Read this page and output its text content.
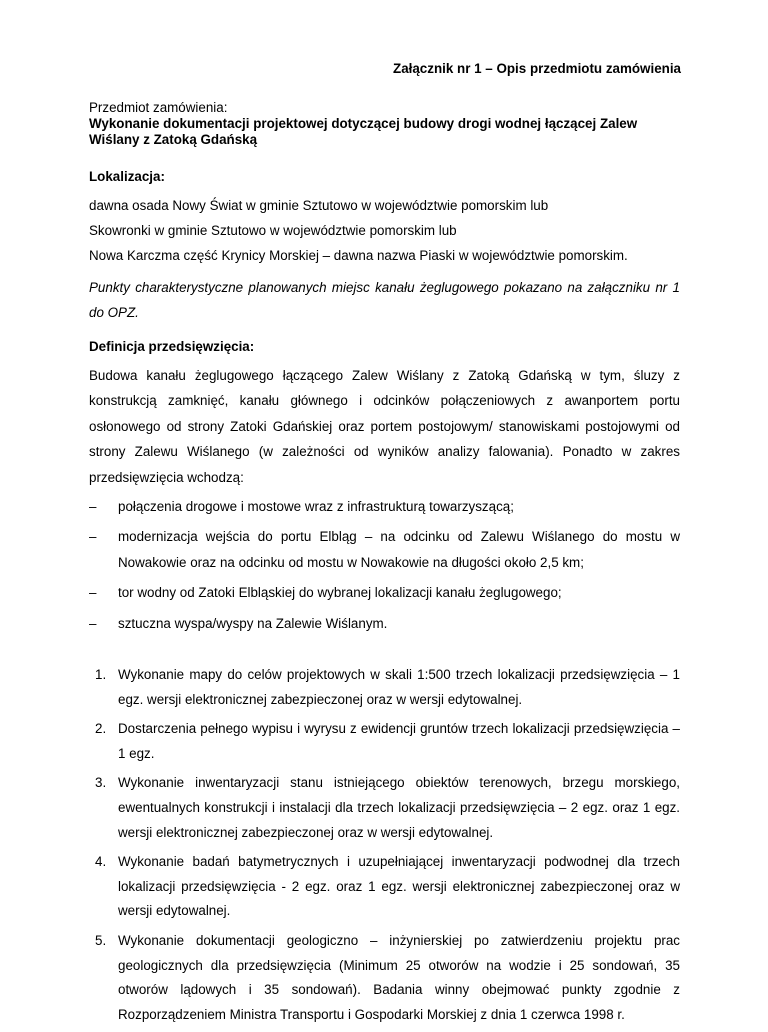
Załącznik nr 1 – Opis przedmiotu zamówienia

Przedmiot zamówienia:

Wykonanie dokumentacji projektowej dotyczącej budowy drogi wodnej łączącej Zalew Wiślany z Zatoką Gdańską

Lokalizacja:

dawna osada Nowy Świat w gminie Sztutowo w województwie pomorskim lub

Skowronki w gminie Sztutowo w województwie pomorskim lub

Nowa Karczma część Krynicy Morskiej – dawna nazwa Piaski w województwie pomorskim.

Punkty charakterystyczne planowanych miejsc kanału żeglugowego pokazano na załączniku nr 1 do OPZ.

Definicja przedsięwzięcia:

Budowa kanału żeglugowego łączącego Zalew Wiślany z Zatoką Gdańską w tym, śluzy z konstrukcją zamknięć, kanału głównego i odcinków połączeniowych z awanportem portu osłonowego od strony Zatoki Gdańskiej oraz portem postojowym/ stanowiskami postojowymi od strony Zalewu Wiślanego (w zależności od wyników analizy falowania). Ponadto w zakres przedsięwzięcia wchodzą:

– połączenia drogowe i mostowe wraz z infrastrukturą towarzyszącą;
– modernizacja wejścia do portu Elbląg – na odcinku od Zalewu Wiślanego do mostu w Nowakowie oraz na odcinku od mostu w Nowakowie na długości około 2,5 km;
– tor wodny od Zatoki Elbląskiej do wybranej lokalizacji kanału żeglugowego;
– sztuczna wyspa/wyspy na Zalewie Wiślanym.
1. Wykonanie mapy do celów projektowych w skali 1:500 trzech lokalizacji przedsięwzięcia – 1 egz. wersji elektronicznej zabezpieczonej oraz w wersji edytowalnej.
2. Dostarczenia pełnego wypisu i wyrysu z ewidencji gruntów trzech lokalizacji przedsięwzięcia – 1 egz.
3. Wykonanie inwentaryzacji stanu istniejącego obiektów terenowych, brzegu morskiego, ewentualnych konstrukcji i instalacji dla trzech lokalizacji przedsięwzięcia – 2 egz. oraz 1 egz. wersji elektronicznej zabezpieczonej oraz w wersji edytowalnej.
4. Wykonanie badań batymetrycznych i uzupełniającej inwentaryzacji podwodnej dla trzech lokalizacji przedsięwzięcia - 2 egz. oraz 1 egz. wersji elektronicznej zabezpieczonej oraz w wersji edytowalnej.
5. Wykonanie dokumentacji geologiczno – inżynierskiej po zatwierdzeniu projektu prac geologicznych dla przedsięwzięcia (Minimum 25 otworów na wodzie i 25 sondowań, 35 otworów lądowych i 35 sondowań). Badania winny obejmować punkty zgodnie z Rozporządzeniem Ministra Transportu i Gospodarki Morskiej z dnia 1 czerwca 1998 r.
